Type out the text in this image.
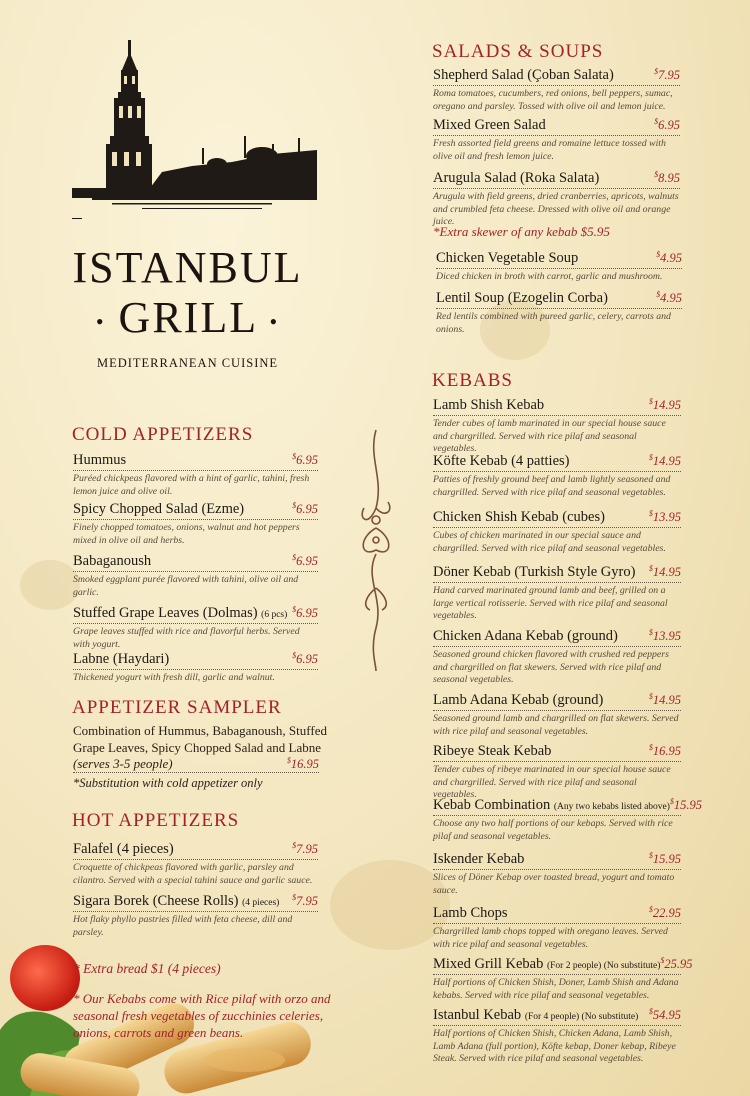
ISTANBUL
• GRILL •
MEDITERRANEAN CUISINE
SALADS & SOUPS
Shepherd Salad (Çoban Salata)	$7.95
Roma tomatoes, cucumbers, red onions, bell peppers, sumac, oregano and parsley. Tossed with olive oil and lemon juice.
Mixed Green Salad	$6.95
Fresh assorted field greens and romaine lettuce tossed with olive oil and fresh lemon juice.
Arugula Salad (Roka Salata)	$8.95
Arugula with field greens, dried cranberries, apricots, walnuts and crumbled feta cheese. Dressed with olive oil and orange juice.
*Extra skewer of any kebab $5.95
Chicken Vegetable Soup	$4.95
Diced chicken in broth with carrot, garlic and mushroom.
Lentil Soup (Ezogelin Corba)	$4.95
Red lentils combined with pureed garlic, celery, carrots and onions.
KEBABS
Lamb Shish Kebab	$14.95
Tender cubes of lamb marinated in our special house sauce and chargrilled. Served with rice pilaf and seasonal vegetables.
Köfte Kebab (4 patties)	$14.95
Patties of freshly ground beef and lamb lightly seasoned and chargrilled. Served with rice pilaf and seasonal vegetables.
Chicken Shish Kebab (cubes)	$13.95
Cubes of chicken marinated in our special sauce and chargrilled. Served with rice pilaf and seasonal vegetables.
Döner Kebab (Turkish Style Gyro) $14.95
Hand carved marinated ground lamb and beef, grilled on a large vertical rotisserie. Served with rice pilaf and seasonal vegetables.
Chicken Adana Kebab (ground)	$13.95
Seasoned ground chicken flavored with crushed red peppers and chargrilled on flat skewers. Served with rice pilaf and seasonal vegetables.
Lamb Adana Kebab (ground)	$14.95
Seasoned ground lamb and chargrilled on flat skewers. Served with rice pilaf and seasonal vegetables.
Ribeye Steak Kebab	$16.95
Tender cubes of ribeye marinated in our special house sauce and chargrilled. Served with rice pilaf and seasonal vegetables.
Kebab Combination (Any two kebabs listed above)
$15.95
Choose any two half portions of our kebaps. Served with rice pilaf and seasonal vegetables.
Iskender Kebab	$15.95
Slices of Döner Kebap over toasted bread, yogurt and tomato sauce.
Lamb Chops	$22.95
Chargrilled lamb chops topped with oregano leaves. Served with rice pilaf and seasonal vegetables.
Mixed Grill Kebab (For 2 people) (No substitute)
$25.95
Half portions of Chicken Shish, Doner, Lamb Shish and Adana kebabs. Served with rice pilaf and seasonal vegetables.
Istanbul Kebab (For 4 people) (No substitute)
$54.95
Half portions of Chicken Shish, Chicken Adana, Lamb Shish, Lamb Adana (full portion), Köfte kebap, Doner kebap, Ribeye Steak. Served with rice pilaf and seasonal vegetables.
COLD APPETIZERS
Hummus	$6.95
Puréed chickpeas flavored with a hint of garlic, tahini, fresh lemon juice and olive oil.
Spicy Chopped Salad (Ezme)	$6.95
Finely chopped tomatoes, onions, walnut and hot peppers mixed in olive oil and herbs.
Babaganoush	$6.95
Smoked eggplant purée flavored with tahini, olive oil and garlic.
Stuffed Grape Leaves (Dolmas) (6 pcs)
$6.95
Grape leaves stuffed with rice and flavorful herbs. Served with yogurt.
Labne (Haydari)	$6.95
Thickened yogurt with fresh dill, garlic and walnut.
APPETIZER SAMPLER
Combination of Hummus, Babaganoush, Stuffed Grape Leaves, Spicy Chopped Salad and Labne
(serves 3-5 people)	$16.95
*Substitution with cold appetizer only
HOT APPETIZERS
Falafel (4 pieces)	$7.95
Croquette of chickpeas flavored with garlic, parsley and cilantro. Served with a special tahini sauce and garlic sauce.
Sigara Borek (Cheese Rolls) (4 pieces)
$7.95
Hot flaky phyllo pastries filled with feta cheese, dill and parsley.
* Extra bread $1 (4 pieces)
* Our Kebabs come with Rice pilaf with orzo and seasonal fresh vegetables of zucchinies celeries, onions, carrots and green beans.
